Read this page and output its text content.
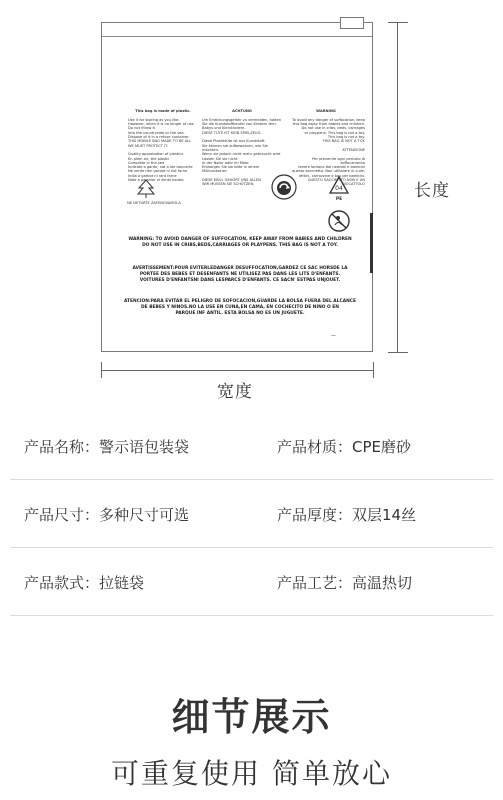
This bag is made of plastic.

Use it for storing as you like.
However, when it is no longer of use
Do not throw it
Into the countryside or the sea.
Dispose of it in a refuse container.
THIS MOBILE BAG MADE TO BE ALL
WE MUST PROTECT IT.

Quality approbation of plastics
En plein air, the plastic
Complete in the sea
Indicate a garde, not a lee bancarte
Ne vente rien garbot ni rist farne
India a garbot ni rant farne
Note a palanier ni zimbi nodaic

ACHTUNG

Um Erstickungsgefahr zu vermeiden, halten
Sie die Kunststoffbeutel von Kindern fern.
Babys und Kleinkindern.
DIESE TÜTE IST KEIN SPIELZEUG.

Diese Plastiktüte ist aus Kunststoff.
Sie können sie aufbewahren, wie Sie möchten.
Wenn sie jedoch nicht mehr gebraucht wird
Lassen Sie sie nicht
In der Natur oder im Meer.
Entsorgen Sie sie bitte in einem Müllcontainer.

DIESE MÜLL GEHÖRT UNS ALLEN
WIR MÜSSEN SIE SCHÜTZEN.

WARNING

To avoid any danger of suffocation, keep
this bag away from babies and children.
Do not use in cribs, beds, carriages
or playpens. This bag is not a toy.
This bag is not a toy.
THIS BAG IS NOT A TOY.

ATTENZIONE

Per prevenire ogni pericolo di soffocamento
tenere lontano dai neonati e bambini
questo sacchetto. Non utilizzare in culle,
lettini, carrozzine o box per bambini.
QUESTO SACCHETTO NON E UN GIOCATTOLO

NE DETURTE ZAFENOVAMOLA
04
PE
WARNING: TO AVOID DANGER OF SUFFOCATION, KEEP AWAY FROM BABIES AND CHILDREN
DO NOT USE IN CRIBS,BEDS,CARRIAGES OR PLAYPENS. THIS BAG IS NOT A TOY.
AVERTISSEMENT:POUR EVITERLEDANGER DESUFFOCATION,GARDEZ CE SAC HORSDE LA
PORTEE DES BEBES ET DESENFANTS NE UTILISEZ PAS DANS LES LITS D'ENFANTS.
VOITURES D'ENFANTSNI DANS LESPARCS D'ENFANTS. CE SACN' ESTPAS UNJOUET.
ATENCION:PARA EVITAR EL PELIGRO DE SOFOCACION,GUARDE LA BOLSA FUERA DEL ALCANCE
DE BEBES Y NINOS.NO LA USE EN CUNA,EN CAMA, EN COCHECITO DE NINO O EN
PARQUE INF ANTIL. ESTA BOLSA NO ES UN JUGUETE.
—
长度
宽度
产品名称：警示语包装袋	产品材质：CPE磨砂
产品尺寸：多种尺寸可选	产品厚度：双层14丝
产品款式：拉链袋	产品工艺：高温热切
细节展示
可重复使用 简单放心
